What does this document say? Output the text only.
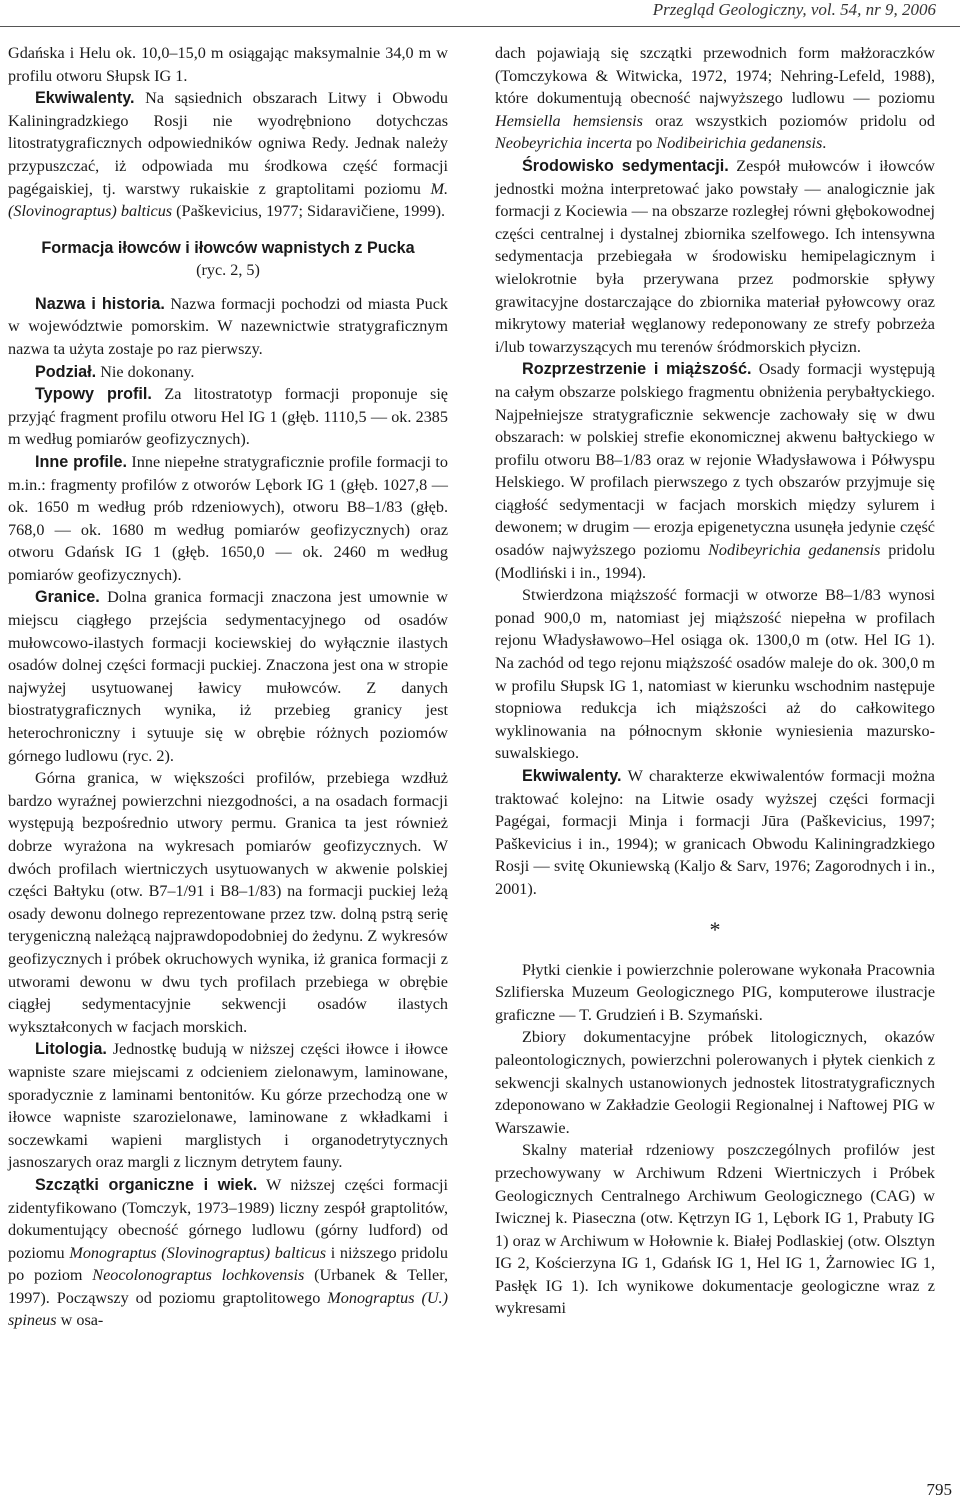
Przegląd Geologiczny, vol. 54, nr 9, 2006

Gdańska i Helu ok. 10,0–15,0 m osiągając maksymalnie 34,0 m w profilu otworu Słupsk IG 1.

Ekwiwalenty. Na sąsiednich obszarach Litwy i Obwodu Kaliningradzkiego Rosji nie wyodrębniono dotychczas litostratygraficznych odpowiedników ogniwa Redy. Jednak należy przypuszczać, iż odpowiada mu środkowa część formacji pagégaiskiej, tj. warstwy rukaiskie z graptolitami poziomu M. (Slovinograptus) balticus (Paškevicius, 1977; Sidaravičiene, 1999).

Formacja iłowców i iłowców wapnistych z Pucka
(ryc. 2, 5)

Nazwa i historia. Nazwa formacji pochodzi od miasta Puck w województwie pomorskim. W nazewnictwie stratygraficznym nazwa ta użyta zostaje po raz pierwszy.

Podział. Nie dokonany.

Typowy profil. Za litostratotyp formacji proponuje się przyjąć fragment profilu otworu Hel IG 1 (głęb. 1110,5 — ok. 2385 m według pomiarów geofizycznych).

Inne profile. Inne niepełne stratygraficznie profile formacji to m.in.: fragmenty profilów z otworów Lębork IG 1 (głęb. 1027,8 — ok. 1650 m według prób rdzeniowych), otworu B8–1/83 (głęb. 768,0 — ok. 1680 m według pomiarów geofizycznych) oraz otworu Gdańsk IG 1 (głęb. 1650,0 — ok. 2460 m według pomiarów geofizycznych).

Granice. Dolna granica formacji znaczona jest umownie w miejscu ciągłego przejścia sedymentacyjnego od osadów mułowcowo-ilastych formacji kociewskiej do wyłącznie ilastych osadów dolnej części formacji puckiej. Znaczona jest ona w stropie najwyżej usytuowanej ławicy mułowców. Z danych biostratygraficznych wynika, iż przebieg granicy jest heterochroniczny i sytuuje się w obrębie różnych poziomów górnego ludlowu (ryc. 2).

Górna granica, w większości profilów, przebiega wzdłuż bardzo wyraźnej powierzchni niezgodności, a na osadach formacji występują bezpośrednio utwory permu. Granica ta jest również dobrze wyrażona na wykresach pomiarów geofizycznych. W dwóch profilach wiertniczych usytuowanych w akwenie polskiej części Bałtyku (otw. B7–1/91 i B8–1/83) na formacji puckiej leżą osady dewonu dolnego reprezentowane przez tzw. dolną pstrą serię terygeniczną należącą najprawdopodobniej do żedynu. Z wykresów geofizycznych i próbek okruchowych wynika, iż granica formacji z utworami dewonu w dwu tych profilach przebiega w obrębie ciągłej sedymentacyjnie sekwencji osadów ilastych wykształconych w facjach morskich.

Litologia. Jednostkę budują w niższej części iłowce i iłowce wapniste szare miejscami z odcieniem zielonawym, laminowane, sporadycznie z laminami bentonitów. Ku górze przechodzą one w iłowce wapniste szarozielonawe, laminowane z wkładkami i soczewkami wapieni marglistych i organodetrytycznych jasnoszarych oraz margli z licznym detrytem fauny.

Szczątki organiczne i wiek. W niższej części formacji zidentyfikowano (Tomczyk, 1973–1989) liczny zespół graptolitów, dokumentujący obecność górnego ludlowu (górny ludford) od poziomu Monograptus (Slovinograptus) balticus i niższego pridolu po poziom Neocolonograptus lochkovensis (Urbanek & Teller, 1997). Począwszy od poziomu graptolitowego Monograptus (U.) spineus w osa-

dach pojawiają się szczątki przewodnich form małżoraczków (Tomczykowa & Witwicka, 1972, 1974; Nehring-Lefeld, 1988), które dokumentują obecność najwyższego ludlowu — poziomu Hemsiella hemsiensis oraz wszystkich poziomów pridolu od Neobeyrichia incerta po Nodibeirichia gedanensis.

Środowisko sedymentacji. Zespół mułowców i iłowców jednostki można interpretować jako powstały — analogicznie jak formacji z Kociewia — na obszarze rozległej równi głębokowodnej części centralnej i dystalnej zbiornika szelfowego. Ich intensywna sedymentacja przebiegała w środowisku hemipelagicznym i wielokrotnie była przerywana przez podmorskie spływy grawitacyjne dostarczające do zbiornika materiał pyłowcowy oraz mikrytowy materiał węglanowy redeponowany ze strefy pobrzeża i/lub towarzyszących mu terenów śródmorskich płycizn.

Rozprzestrzenie i miąższość. Osady formacji występują na całym obszarze polskiego fragmentu obniżenia perybałtyckiego. Najpełniejsze stratygraficznie sekwencje zachowały się w dwu obszarach: w polskiej strefie ekonomicznej akwenu bałtyckiego w profilu otworu B8–1/83 oraz w rejonie Władysławowa i Półwyspu Helskiego. W profilach pierwszego z tych obszarów przyjmuje się ciągłość sedymentacji w facjach morskich między sylurem i dewonem; w drugim — erozja epigenetyczna usunęła jedynie część osadów najwyższego poziomu Nodibeyrichia gedanensis pridolu (Modliński i in., 1994).

Stwierdzona miąższość formacji w otworze B8–1/83 wynosi ponad 900,0 m, natomiast jej miąższość niepełna w profilach rejonu Władysławowo–Hel osiąga ok. 1300,0 m (otw. Hel IG 1). Na zachód od tego rejonu miąższość osadów maleje do ok. 300,0 m w profilu Słupsk IG 1, natomiast w kierunku wschodnim następuje stopniowa redukcja ich miąższości aż do całkowitego wyklinowania na północnym skłonie wyniesienia mazursko-suwalskiego.

Ekwiwalenty. W charakterze ekwiwalentów formacji można traktować kolejno: na Litwie osady wyższej części formacji Pagégai, formacji Minja i formacji Jūra (Paškevicius, 1997; Paškevicius i in., 1994); w granicach Obwodu Kaliningradzkiego Rosji — svitę Okuniewską (Kaljo & Sarv, 1976; Zagorodnych i in., 2001).

*

Płytki cienkie i powierzchnie polerowane wykonała Pracownia Szlifierska Muzeum Geologicznego PIG, komputerowe ilustracje graficzne — T. Grudzień i B. Szymański.

Zbiory dokumentacyjne próbek litologicznych, okazów paleontologicznych, powierzchni polerowanych i płytek cienkich z sekwencji skalnych ustanowionych jednostek litostratygraficznych zdeponowano w Zakładzie Geologii Regionalnej i Naftowej PIG w Warszawie.

Skalny materiał rdzeniowy poszczególnych profilów jest przechowywany w Archiwum Rdzeni Wiertniczych i Próbek Geologicznych Centralnego Archiwum Geologicznego (CAG) w Iwicznej k. Piaseczna (otw. Kętrzyn IG 1, Lębork IG 1, Prabuty IG 1) oraz w Archiwum w Hołownie k. Białej Podlaskiej (otw. Olsztyn IG 2, Kościerzyna IG 1, Gdańsk IG 1, Hel IG 1, Żarnowiec IG 1, Pasłęk IG 1). Ich wynikowe dokumentacje geologiczne wraz z wykresami

795
